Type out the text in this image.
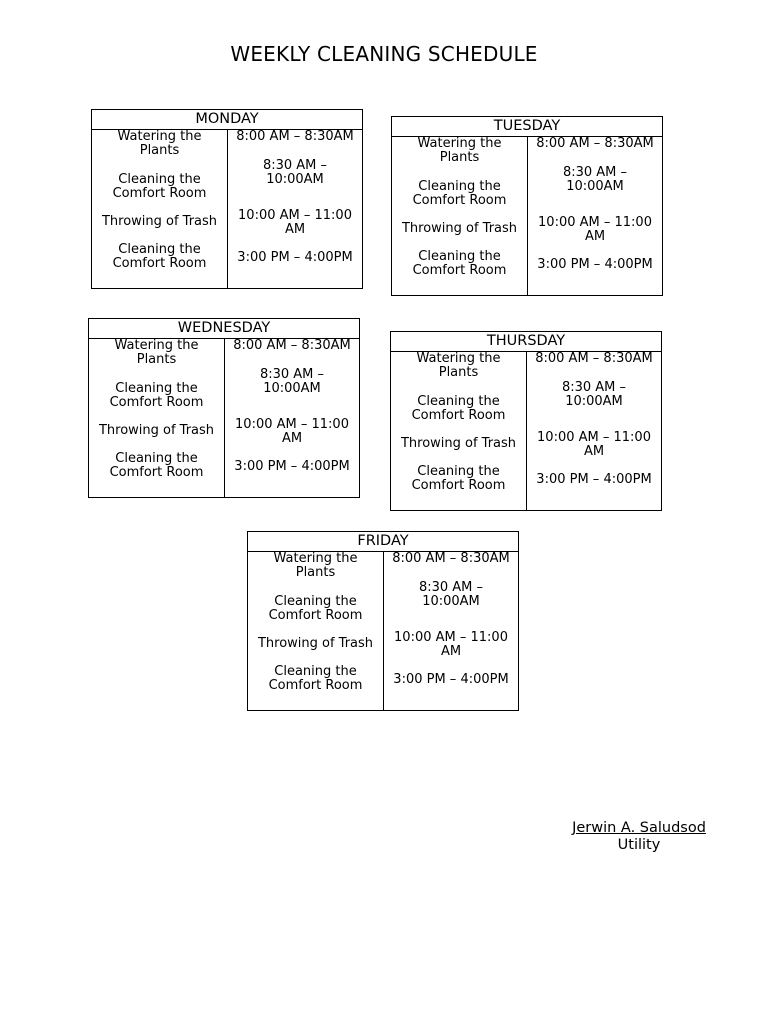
WEEKLY CLEANING SCHEDULE
MONDAY
Watering the
Plants
Cleaning the
Comfort Room
Throwing of Trash
Cleaning the
Comfort Room
8:00 AM – 8:30AM
8:30 AM –
10:00AM
10:00 AM – 11:00
AM
3:00 PM – 4:00PM
TUESDAY
Watering the
Plants
Cleaning the
Comfort Room
Throwing of Trash
Cleaning the
Comfort Room
8:00 AM – 8:30AM
8:30 AM –
10:00AM
10:00 AM – 11:00
AM
3:00 PM – 4:00PM
WEDNESDAY
Watering the
Plants
Cleaning the
Comfort Room
Throwing of Trash
Cleaning the
Comfort Room
8:00 AM – 8:30AM
8:30 AM –
10:00AM
10:00 AM – 11:00
AM
3:00 PM – 4:00PM
THURSDAY
Watering the
Plants
Cleaning the
Comfort Room
Throwing of Trash
Cleaning the
Comfort Room
8:00 AM – 8:30AM
8:30 AM –
10:00AM
10:00 AM – 11:00
AM
3:00 PM – 4:00PM
FRIDAY
Watering the
Plants
Cleaning the
Comfort Room
Throwing of Trash
Cleaning the
Comfort Room
8:00 AM – 8:30AM
8:30 AM –
10:00AM
10:00 AM – 11:00
AM
3:00 PM – 4:00PM
Jerwin A. Saludsod
Utility
